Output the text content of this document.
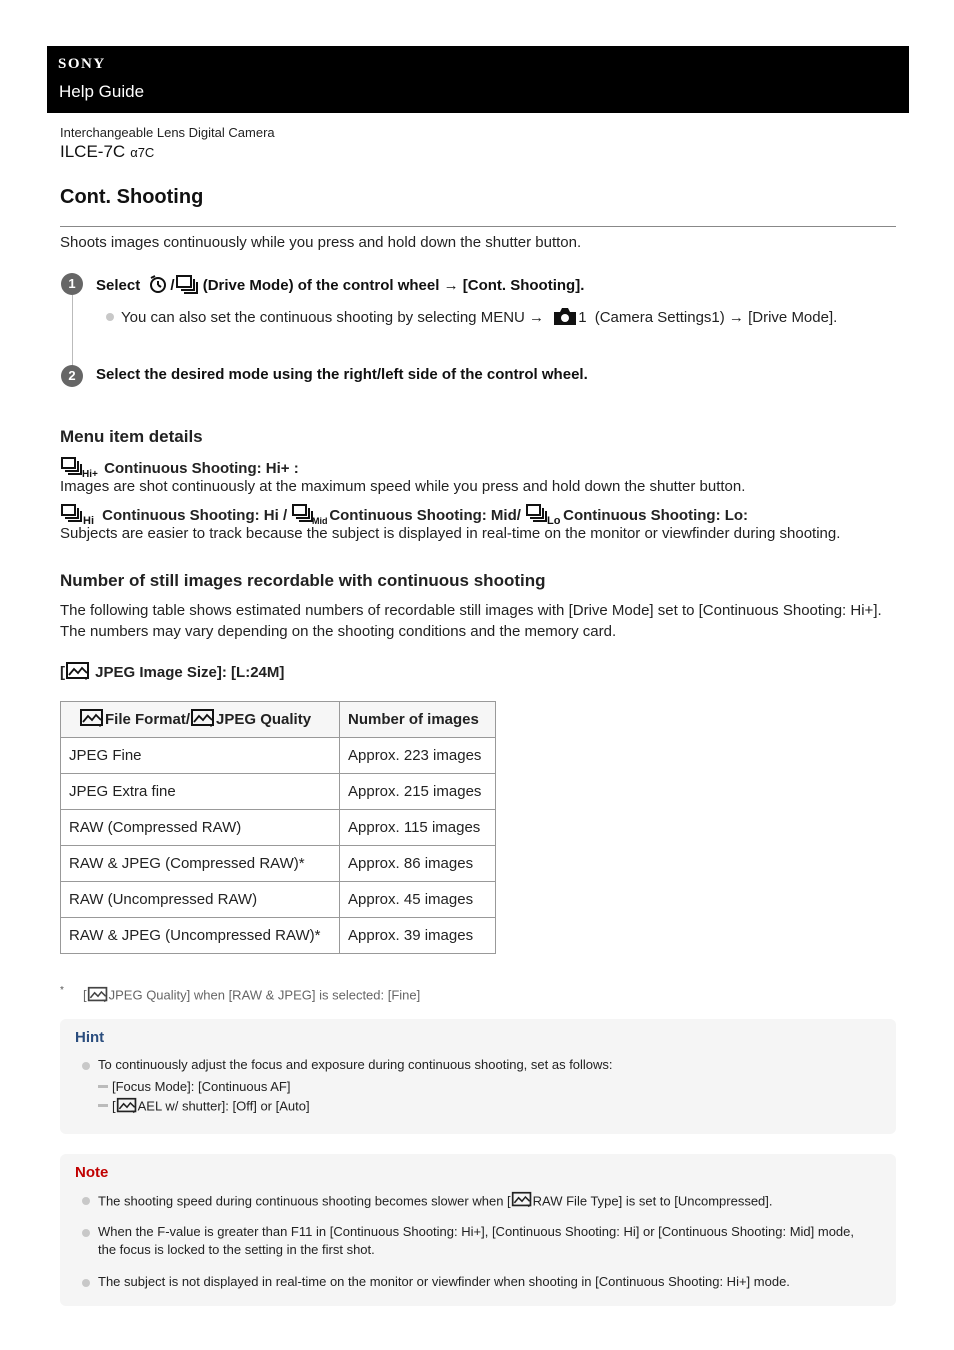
SONY
Help Guide
Interchangeable Lens Digital Camera
ILCE-7C α7C
Cont. Shooting
Shoots images continuously while you press and hold down the shutter button.
1	Select / (Drive Mode) of the control wheel → [Cont. Shooting].
You can also set the continuous shooting by selecting MENU → 1 (Camera Settings1) → [Drive Mode].
2	Select the desired mode using the right/left side of the control wheel.
Menu item details
Hi+ Continuous Shooting: Hi+ :
Images are shot continuously at the maximum speed while you press and hold down the shutter button.
Hi Continuous Shooting: Hi /	Mid Continuous Shooting: Mid/ Lo Continuous Shooting: Lo:
Subjects are easier to track because the subject is displayed in real-time on the monitor or viewfinder during shooting.
Number of still images recordable with continuous shooting
The following table shows estimated numbers of recordable still images with [Drive Mode] set to [Continuous Shooting: Hi+]. The numbers may vary depending on the shooting conditions and the memory card.
[ JPEG Image Size]: [L:24M]
File Format/ JPEG Quality	Number of images
JPEG Fine	Approx. 223 images
JPEG Extra fine	Approx. 215 images
RAW (Compressed RAW)	Approx. 115 images
RAW & JPEG (Compressed RAW)*	Approx. 86 images
RAW (Uncompressed RAW)	Approx. 45 images
RAW & JPEG (Uncompressed RAW)*	Approx. 39 images
* [ JPEG Quality] when [RAW & JPEG] is selected: [Fine]
Hint
To continuously adjust the focus and exposure during continuous shooting, set as follows:
[Focus Mode]: [Continuous AF]
[ AEL w/ shutter]: [Off] or [Auto]
Note
The shooting speed during continuous shooting becomes slower when [ RAW File Type] is set to [Uncompressed].
When the F-value is greater than F11 in [Continuous Shooting: Hi+], [Continuous Shooting: Hi] or [Continuous Shooting: Mid] mode, the focus is locked to the setting in the first shot.
The subject is not displayed in real-time on the monitor or viewfinder when shooting in [Continuous Shooting: Hi+] mode.
